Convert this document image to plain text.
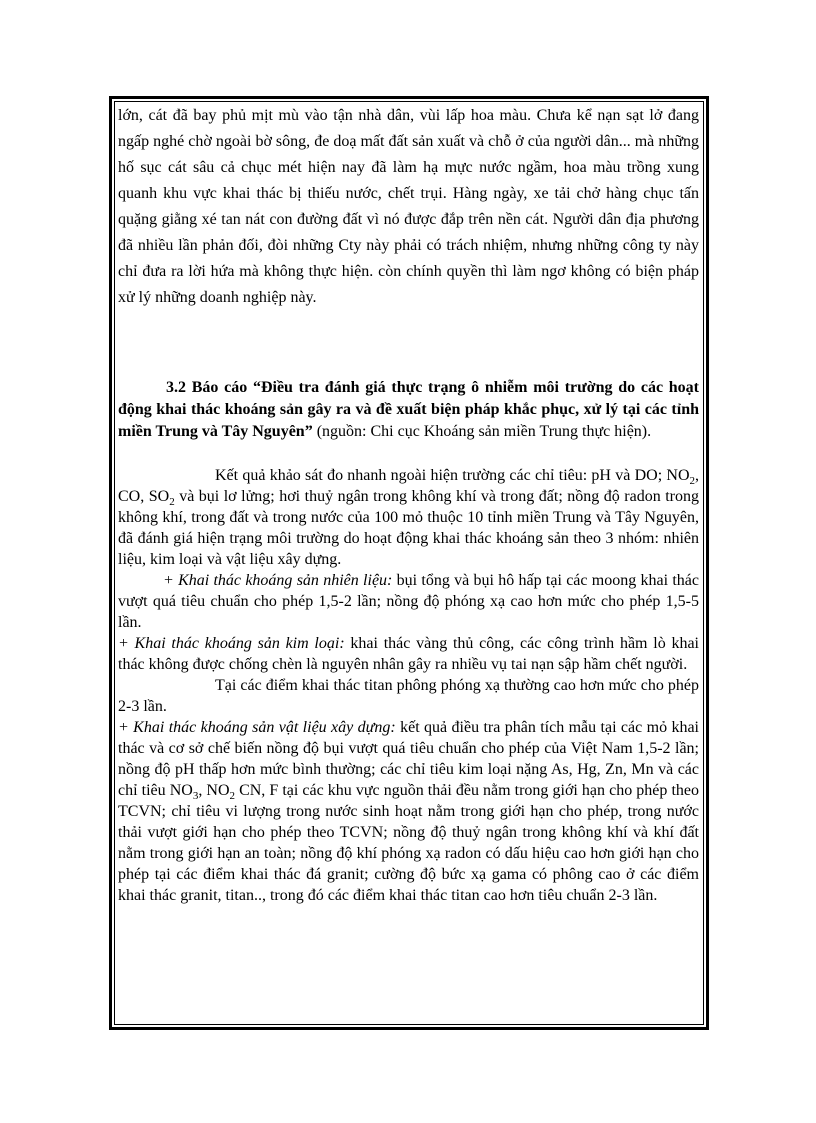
lớn, cát đã bay phủ mịt mù vào tận nhà dân, vùi lấp hoa màu. Chưa kể nạn sạt lở đang ngấp nghé chờ ngoài bờ sông, đe doạ mất đất sản xuất và chỗ ở của người dân... mà những hố sục cát sâu cả chục mét hiện nay đã làm hạ mực nước ngầm, hoa màu trồng xung quanh khu vực khai thác bị thiếu nước, chết trụi. Hàng ngày, xe tải chở hàng chục tấn quặng giằng xé tan nát con đường đất vì nó được đắp trên nền cát. Người dân địa phương đã nhiều lần phản đối, đòi những Cty này phải có trách nhiệm, nhưng những công ty này chỉ đưa ra lời hứa mà không thực hiện. còn chính quyền thì làm ngơ không có biện pháp xử lý những doanh nghiệp này.

3.2 Báo cáo “Điều tra đánh giá thực trạng ô nhiễm môi trường do các hoạt động khai thác khoáng sản gây ra và đề xuất biện pháp khắc phục, xử lý tại các tỉnh miền Trung và Tây Nguyên” (nguồn: Chi cục Khoáng sản miền Trung thực hiện).

Kết quả khảo sát đo nhanh ngoài hiện trường các chỉ tiêu: pH và DO; $NO_2$, CO, $SO_2$ và bụi lơ lửng; hơi thuỷ ngân trong không khí và trong đất; nồng độ radon trong không khí, trong đất và trong nước của 100 mỏ thuộc 10 tỉnh miền Trung và Tây Nguyên, đã đánh giá hiện trạng môi trường do hoạt động khai thác khoáng sản theo 3 nhóm: nhiên liệu, kim loại và vật liệu xây dựng.

+ Khai thác khoáng sản nhiên liệu: bụi tổng và bụi hô hấp tại các moong khai thác vượt quá tiêu chuẩn cho phép 1,5-2 lần; nồng độ phóng xạ cao hơn mức cho phép 1,5-5 lần.

+ Khai thác khoáng sản kim loại: khai thác vàng thủ công, các công trình hầm lò khai thác không được chống chèn là nguyên nhân gây ra nhiều vụ tai nạn sập hầm chết người.

Tại các điểm khai thác titan phông phóng xạ thường cao hơn mức cho phép 2-3 lần.

+ Khai thác khoáng sản vật liệu xây dựng: kết quả điều tra phân tích mẫu tại các mỏ khai thác và cơ sở chế biến nồng độ bụi vượt quá tiêu chuẩn cho phép của Việt Nam 1,5-2 lần; nồng độ pH thấp hơn mức bình thường; các chỉ tiêu kim loại nặng As, Hg, Zn, Mn và các chỉ tiêu $NO_3$, $NO_2$ CN, F tại các khu vực nguồn thải đều nằm trong giới hạn cho phép theo TCVN; chỉ tiêu vi lượng trong nước sinh hoạt nằm trong giới hạn cho phép, trong nước thải vượt giới hạn cho phép theo TCVN; nồng độ thuỷ ngân trong không khí và khí đất nằm trong giới hạn an toàn; nồng độ khí phóng xạ radon có dấu hiệu cao hơn giới hạn cho phép tại các điểm khai thác đá granit; cường độ bức xạ gama có phông cao ở các điểm khai thác granit, titan.., trong đó các điểm khai thác titan cao hơn tiêu chuẩn 2-3 lần.
